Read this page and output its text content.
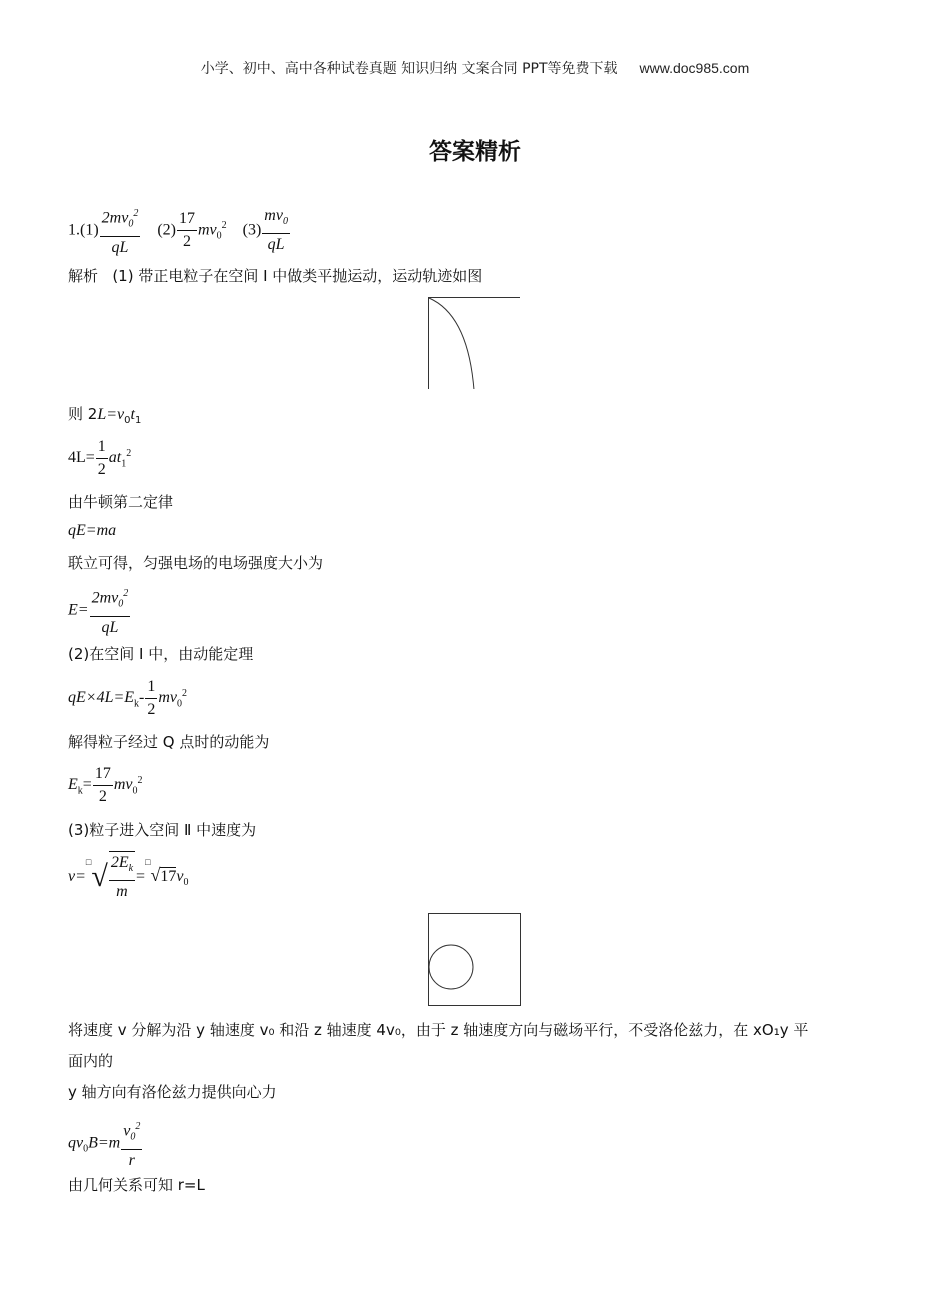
小学、初中、高中各种试卷真题 知识归纳 文案合同 PPT等免费下载 www.doc985.com
答案精析
$1.(1) \frac{2mv_0^2}{qL} (2) \frac{17}{2} mv_0^2$ $(3) \frac{mv_0}{qL}$
解析 (1) 带正电粒子在空间 Ⅰ 中做类平抛运动，运动轨迹如图
则 $2L=v_0t_1$
$4L= \frac{1}{2} at_1^2$
由牛顿第二定律
qE=ma
联立可得，匀强电场的电场强度大小为
$E= \frac{2mv_0^2}{qL}$
(2)在空间 Ⅰ 中，由动能定理
$qE\times 4L=E_k- \frac{1}{2} mv_0^2$
解得粒子经过 Q 点时的动能为
$E_k= \frac{17}{2} mv_0^2$
(3)粒子进入空间 Ⅱ 中速度为
$v=^□√ \frac{2E_k}{m} =^□√17v_0$
将速度 v 分解为沿 y 轴速度 v₀ 和沿 z 轴速度 4v₀，由于 z 轴速度方向与磁场平行，不受洛伦兹力，在 xO₁y 平
面内的
y 轴方向有洛伦兹力提供向心力
$qv_0B=m \frac{v_0^2}{r}$
由几何关系可知 r=L
